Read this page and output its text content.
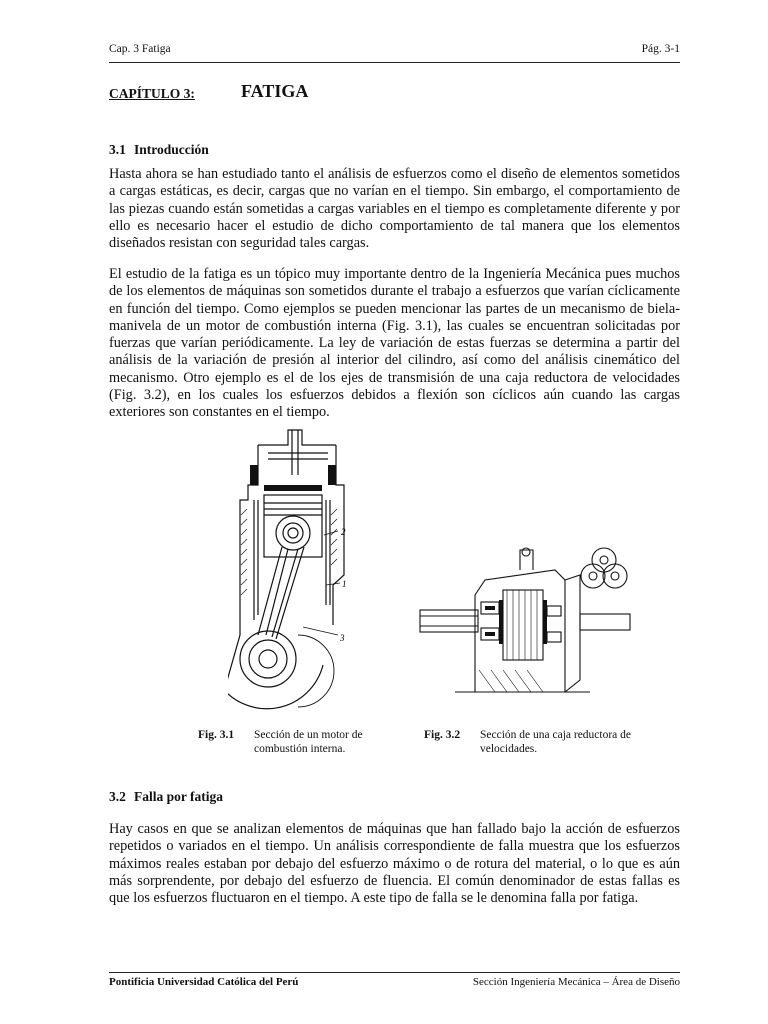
Cap. 3 Fatiga	Pág. 3-1
CAPÍTULO 3:	FATIGA
3.1 Introducción

Hasta ahora se han estudiado tanto el análisis de esfuerzos como el diseño de elementos sometidos a cargas estáticas, es decir, cargas que no varían en el tiempo. Sin embargo, el comportamiento de las piezas cuando están sometidas a cargas variables en el tiempo es completamente diferente y por ello es necesario hacer el estudio de dicho comportamiento de tal manera que los elementos diseñados resistan con seguridad tales cargas.

El estudio de la fatiga es un tópico muy importante dentro de la Ingeniería Mecánica pues muchos de los elementos de máquinas son sometidos durante el trabajo a esfuerzos que varían cíclicamente en función del tiempo. Como ejemplos se pueden mencionar las partes de un mecanismo de biela-manivela de un motor de combustión interna (Fig. 3.1), las cuales se encuentran solicitadas por fuerzas que varían periódicamente. La ley de variación de estas fuerzas se determina a partir del análisis de la variación de presión al interior del cilindro, así como del análisis cinemático del mecanismo. Otro ejemplo es el de los ejes de transmisión de una caja reductora de velocidades (Fig. 3.2), en los cuales los esfuerzos debidos a flexión son cíclicos aún cuando las cargas exteriores son constantes en el tiempo.

2
1
3
Fig. 3.1 Sección de un motor de combustión interna.
Fig. 3.2 Sección de una caja reductora de velocidades.
3.2 Falla por fatiga

Hay casos en que se analizan elementos de máquinas que han fallado bajo la acción de esfuerzos repetidos o variados en el tiempo. Un análisis correspondiente de falla muestra que los esfuerzos máximos reales estaban por debajo del esfuerzo máximo o de rotura del material, o lo que es aún más sorprendente, por debajo del esfuerzo de fluencia. El común denominador de estas fallas es que los esfuerzos fluctuaron en el tiempo. A este tipo de falla se le denomina falla por fatiga.

Pontificia Universidad Católica del Perú	Sección Ingeniería Mecánica – Área de Diseño
